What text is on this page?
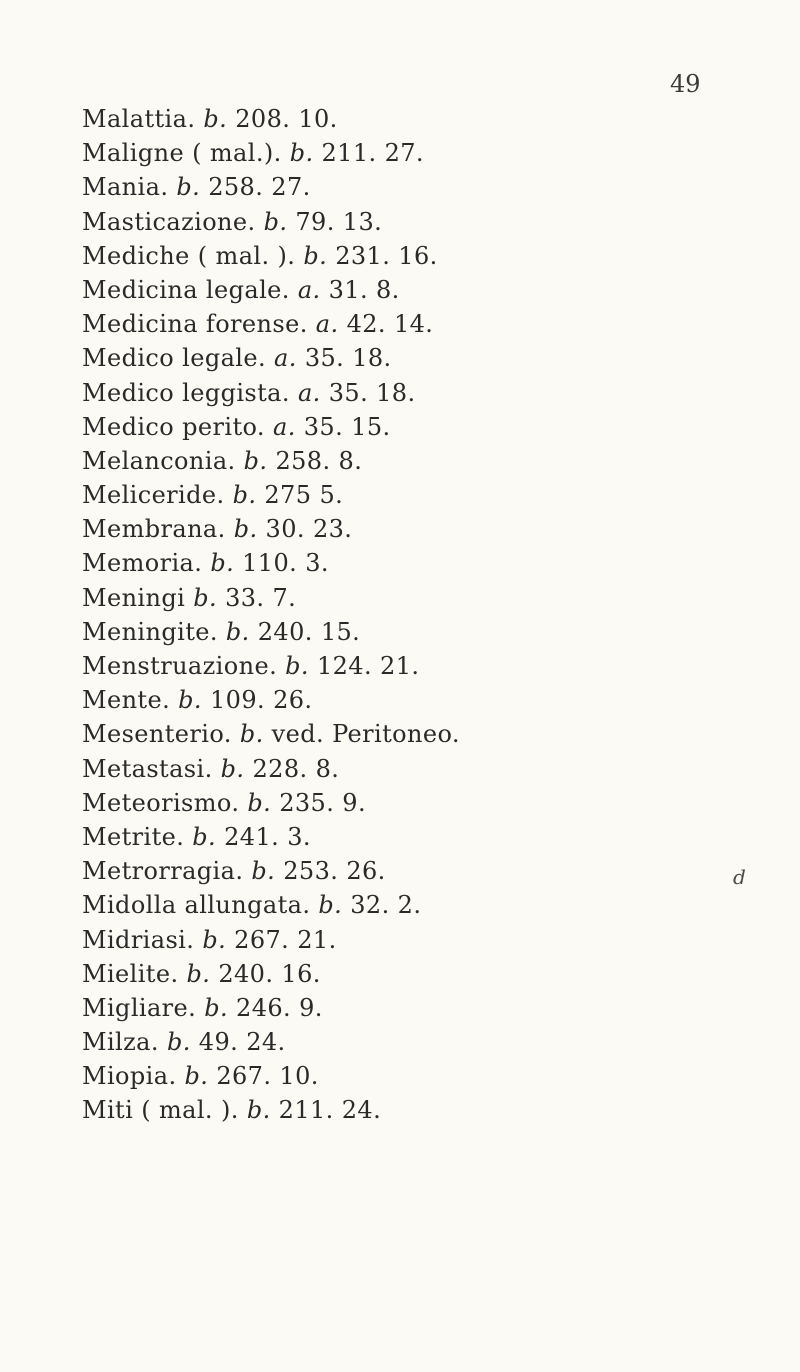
49
Malattia. b. 208. 10.
Maligne ( mal.). b. 211. 27.
Mania. b. 258. 27.
Masticazione. b. 79. 13.
Mediche ( mal. ). b. 231. 16.
Medicina legale. a. 31. 8.
Medicina forense. a. 42. 14.
Medico legale. a. 35. 18.
Medico leggista. a. 35. 18.
Medico perito. a. 35. 15.
Melanconia. b. 258. 8.
Meliceride. b. 275 5.
Membrana. b. 30. 23.
Memoria. b. 110. 3.
Meningi b. 33. 7.
Meningite. b. 240. 15.
Menstruazione. b. 124. 21.
Mente. b. 109. 26.
Mesenterio. b. ved. Peritoneo.
Metastasi. b. 228. 8.
Meteorismo. b. 235. 9.
Metrite. b. 241. 3.
Metrorragia. b. 253. 26.
Midolla allungata. b. 32. 2.
Midriasi. b. 267. 21.
Mielite. b. 240. 16.
Migliare. b. 246. 9.
Milza. b. 49. 24.
Miopia. b. 267. 10.
Miti ( mal. ). b. 211. 24.
d
